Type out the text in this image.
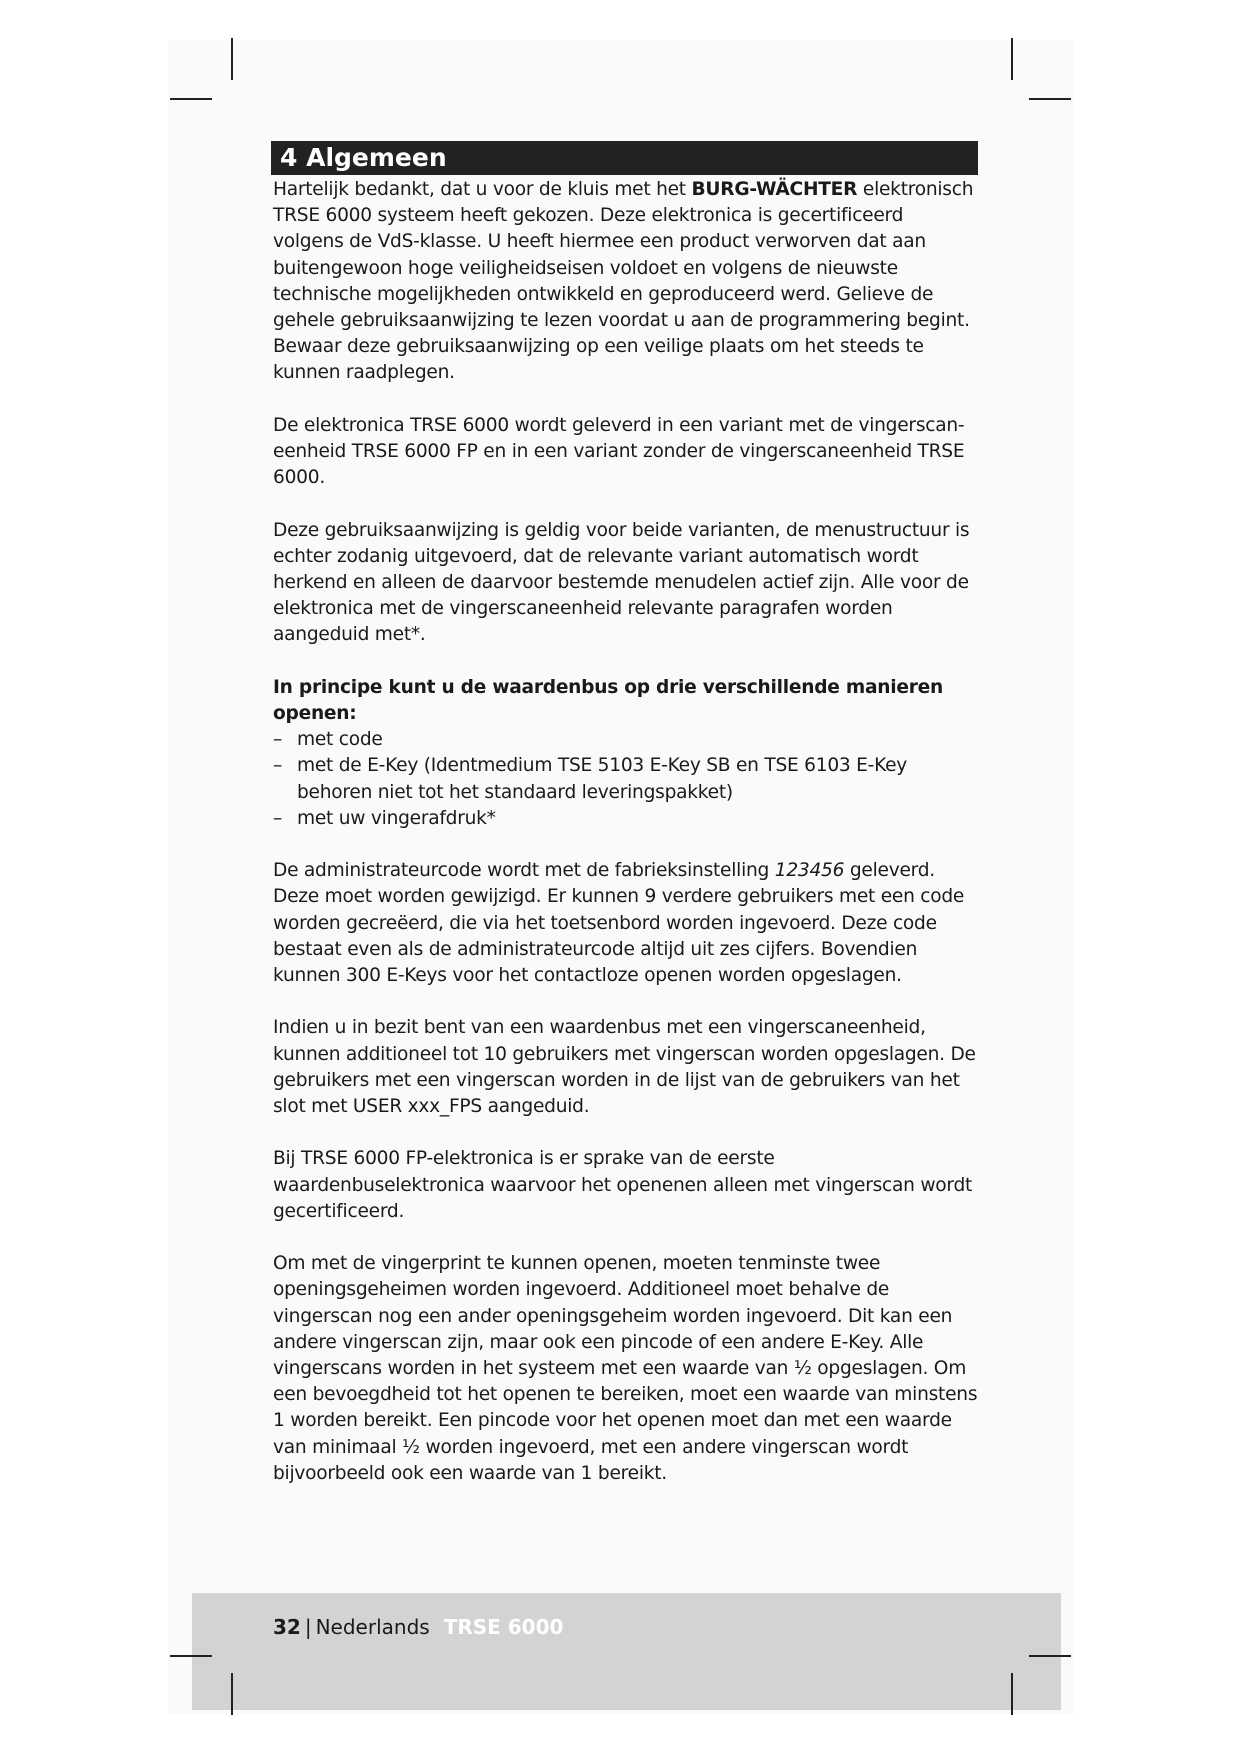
4 Algemeen

Hartelijk bedankt, dat u voor de kluis met het BURG-WÄCHTER elektronisch TRSE 6000 systeem heeft gekozen. Deze elektronica is gecertificeerd volgens de VdS-klasse. U heeft hiermee een product verworven dat aan buitengewoon hoge veiligheidseisen voldoet en volgens de nieuwste technische mogelijkheden ontwikkeld en geproduceerd werd. Gelieve de gehele gebruiksaanwijzing te lezen voordat u aan de programmering begint. Bewaar deze gebruiksaanwijzing op een veilige plaats om het steeds te kunnen raadplegen.

De elektronica TRSE 6000 wordt geleverd in een variant met de vingerscan-eenheid TRSE 6000 FP en in een variant zonder de vingerscaneenheid TRSE 6000.

Deze gebruiksaanwijzing is geldig voor beide varianten, de menustructuur is echter zodanig uitgevoerd, dat de relevante variant automatisch wordt herkend en alleen de daarvoor bestemde menudelen actief zijn. Alle voor de elektronica met de vingerscaneenheid relevante paragrafen worden aangeduid met*.

In principe kunt u de waardenbus op drie verschillende manieren openen:

– met code
– met de E-Key (Identmedium TSE 5103 E-Key SB en TSE 6103 E-Key behoren niet tot het standaard leveringspakket)
– met uw vingerafdruk*

De administrateurcode wordt met de fabrieksinstelling 123456 geleverd. Deze moet worden gewijzigd. Er kunnen 9 verdere gebruikers met een code worden gecreëerd, die via het toetsenbord worden ingevoerd. Deze code bestaat even als de administrateurcode altijd uit zes cijfers. Bovendien kunnen 300 E-Keys voor het contactloze openen worden opgeslagen.

Indien u in bezit bent van een waardenbus met een vingerscaneenheid, kunnen additioneel tot 10 gebruikers met vingerscan worden opgeslagen. De gebruikers met een vingerscan worden in de lijst van de gebruikers van het slot met USER xxx_FPS aangeduid.

Bij TRSE 6000 FP-elektronica is er sprake van de eerste waardenbuselektronica waarvoor het openenen alleen met vingerscan wordt gecertificeerd.

Om met de vingerprint te kunnen openen, moeten tenminste twee openingsgeheimen worden ingevoerd. Additioneel moet behalve de vingerscan nog een ander openingsgeheim worden ingevoerd. Dit kan een andere vingerscan zijn, maar ook een pincode of een andere E-Key. Alle vingerscans worden in het systeem met een waarde van ½ opgeslagen. Om een bevoegdheid tot het openen te bereiken, moet een waarde van minstens 1 worden bereikt. Een pincode voor het openen moet dan met een waarde van minimaal ½ worden ingevoerd, met een andere vingerscan wordt bijvoorbeeld ook een waarde van 1 bereikt.

32 | Nederlands TRSE 6000
